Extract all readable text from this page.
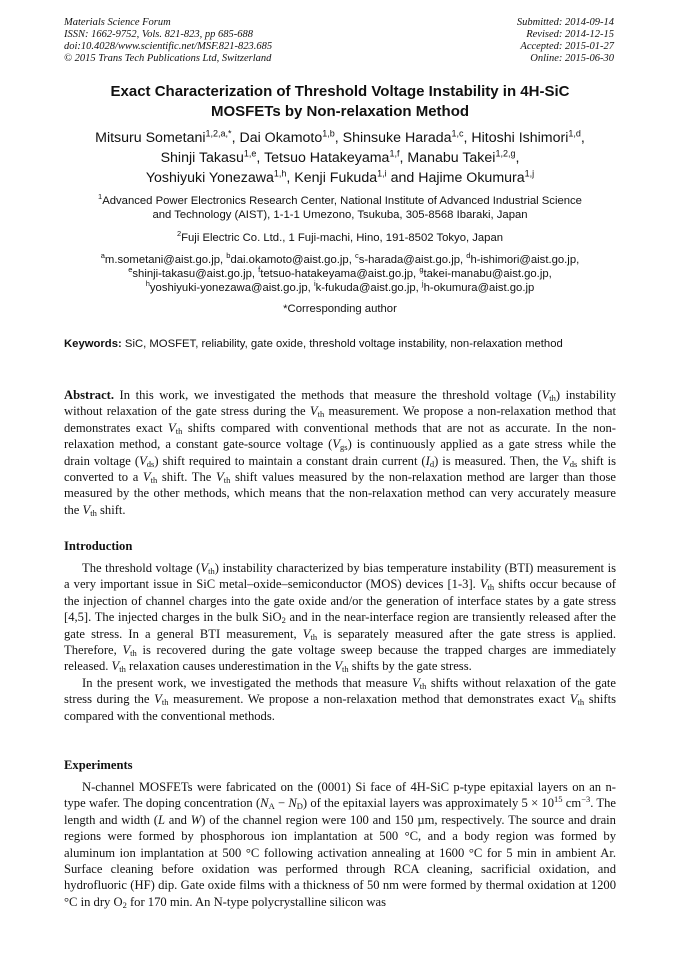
Materials Science Forum
ISSN: 1662-9752, Vols. 821-823, pp 685-688
doi:10.4028/www.scientific.net/MSF.821-823.685
© 2015 Trans Tech Publications Ltd, Switzerland
Submitted: 2014-09-14
Revised: 2014-12-15
Accepted: 2015-01-27
Online: 2015-06-30
Exact Characterization of Threshold Voltage Instability in 4H-SiC
MOSFETs by Non-relaxation Method
Mitsuru Sometani$^{1,2,a,*}$, Dai Okamoto$^{1,b}$, Shinsuke Harada$^{1,c}$, Hitoshi Ishimori$^{1,d}$,
Shinji Takasu$^{1,e}$, Tetsuo Hatakeyama$^{1,f}$, Manabu Takei$^{1,2,g}$,
Yoshiyuki Yonezawa$^{1,h}$, Kenji Fukuda$^{1,i}$ and Hajime Okumura$^{1,j}$
$^1$Advanced Power Electronics Research Center, National Institute of Advanced Industrial Science
and Technology (AIST), 1-1-1 Umezono, Tsukuba, 305-8568 Ibaraki, Japan
$^2$Fuji Electric Co. Ltd., 1 Fuji-machi, Hino, 191-8502 Tokyo, Japan
$^a$m.sometani@aist.go.jp, $^b$dai.okamoto@aist.go.jp, $^c$s-harada@aist.go.jp, $^d$h-ishimori@aist.go.jp,
$^e$shinji-takasu@aist.go.jp, $^f$tetsuo-hatakeyama@aist.go.jp, $^g$takei-manabu@aist.go.jp,
$^h$yoshiyuki-yonezawa@aist.go.jp, $^i$k-fukuda@aist.go.jp, $^j$h-okumura@aist.go.jp
*Corresponding author
Keywords: SiC, MOSFET, reliability, gate oxide, threshold voltage instability, non-relaxation method

Abstract. In this work, we investigated the methods that measure the threshold voltage $(V_{th})$ instability without relaxation of the gate stress during the $V_{th}$ measurement. We propose a non-relaxation method that demonstrates exact $V_{th}$ shifts compared with conventional methods that are not as accurate. In the non-relaxation method, a constant gate-source voltage $(V_{gs})$ is continuously applied as a gate stress while the drain voltage $(V_{ds})$ shift required to maintain a constant drain current $(I_d)$ is measured. Then, the $V_{ds}$ shift is converted to a $V_{th}$ shift. The $V_{th}$ shift values measured by the non-relaxation method are larger than those measured by the other methods, which means that the non-relaxation method can very accurately measure the $V_{th}$ shift.

Introduction

The threshold voltage $(V_{th})$ instability characterized by bias temperature instability (BTI) measurement is a very important issue in SiC metal–oxide–semiconductor (MOS) devices [1-3]. $V_{th}$ shifts occur because of the injection of channel charges into the gate oxide and/or the generation of interface states by a gate stress [4,5]. The injected charges in the bulk SiO$_2$ and in the near-interface region are transiently released after the gate stress. In a general BTI measurement, $V_{th}$ is separately measured after the gate stress is applied. Therefore, $V_{th}$ is recovered during the gate voltage sweep because the trapped charges are immediately released. $V_{th}$ relaxation causes underestimation in the $V_{th}$ shifts by the gate stress.

In the present work, we investigated the methods that measure $V_{th}$ shifts without relaxation of the gate stress during the $V_{th}$ measurement. We propose a non-relaxation method that demonstrates exact $V_{th}$ shifts compared with the conventional methods.

Experiments

N-channel MOSFETs were fabricated on the (0001) Si face of 4H-SiC p-type epitaxial layers on an n-type wafer. The doping concentration $(N_A - N_D)$ of the epitaxial layers was approximately $5 \times 10^{15}$ $cm^{-3}$. The length and width (L and W) of the channel region were 100 and 150 µm, respectively. The source and drain regions were formed by phosphorous ion implantation at 500 °C, and a body region was formed by aluminum ion implantation at 500 °C following activation annealing at 1600 °C for 5 min in ambient Ar. Surface cleaning before oxidation was performed through RCA cleaning, sacrificial oxidation, and hydrofluoric (HF) dip. Gate oxide films with a thickness of 50 nm were formed by thermal oxidation at 1200 °C in dry $O_2$ for 170 min. An N-type polycrystalline silicon was
